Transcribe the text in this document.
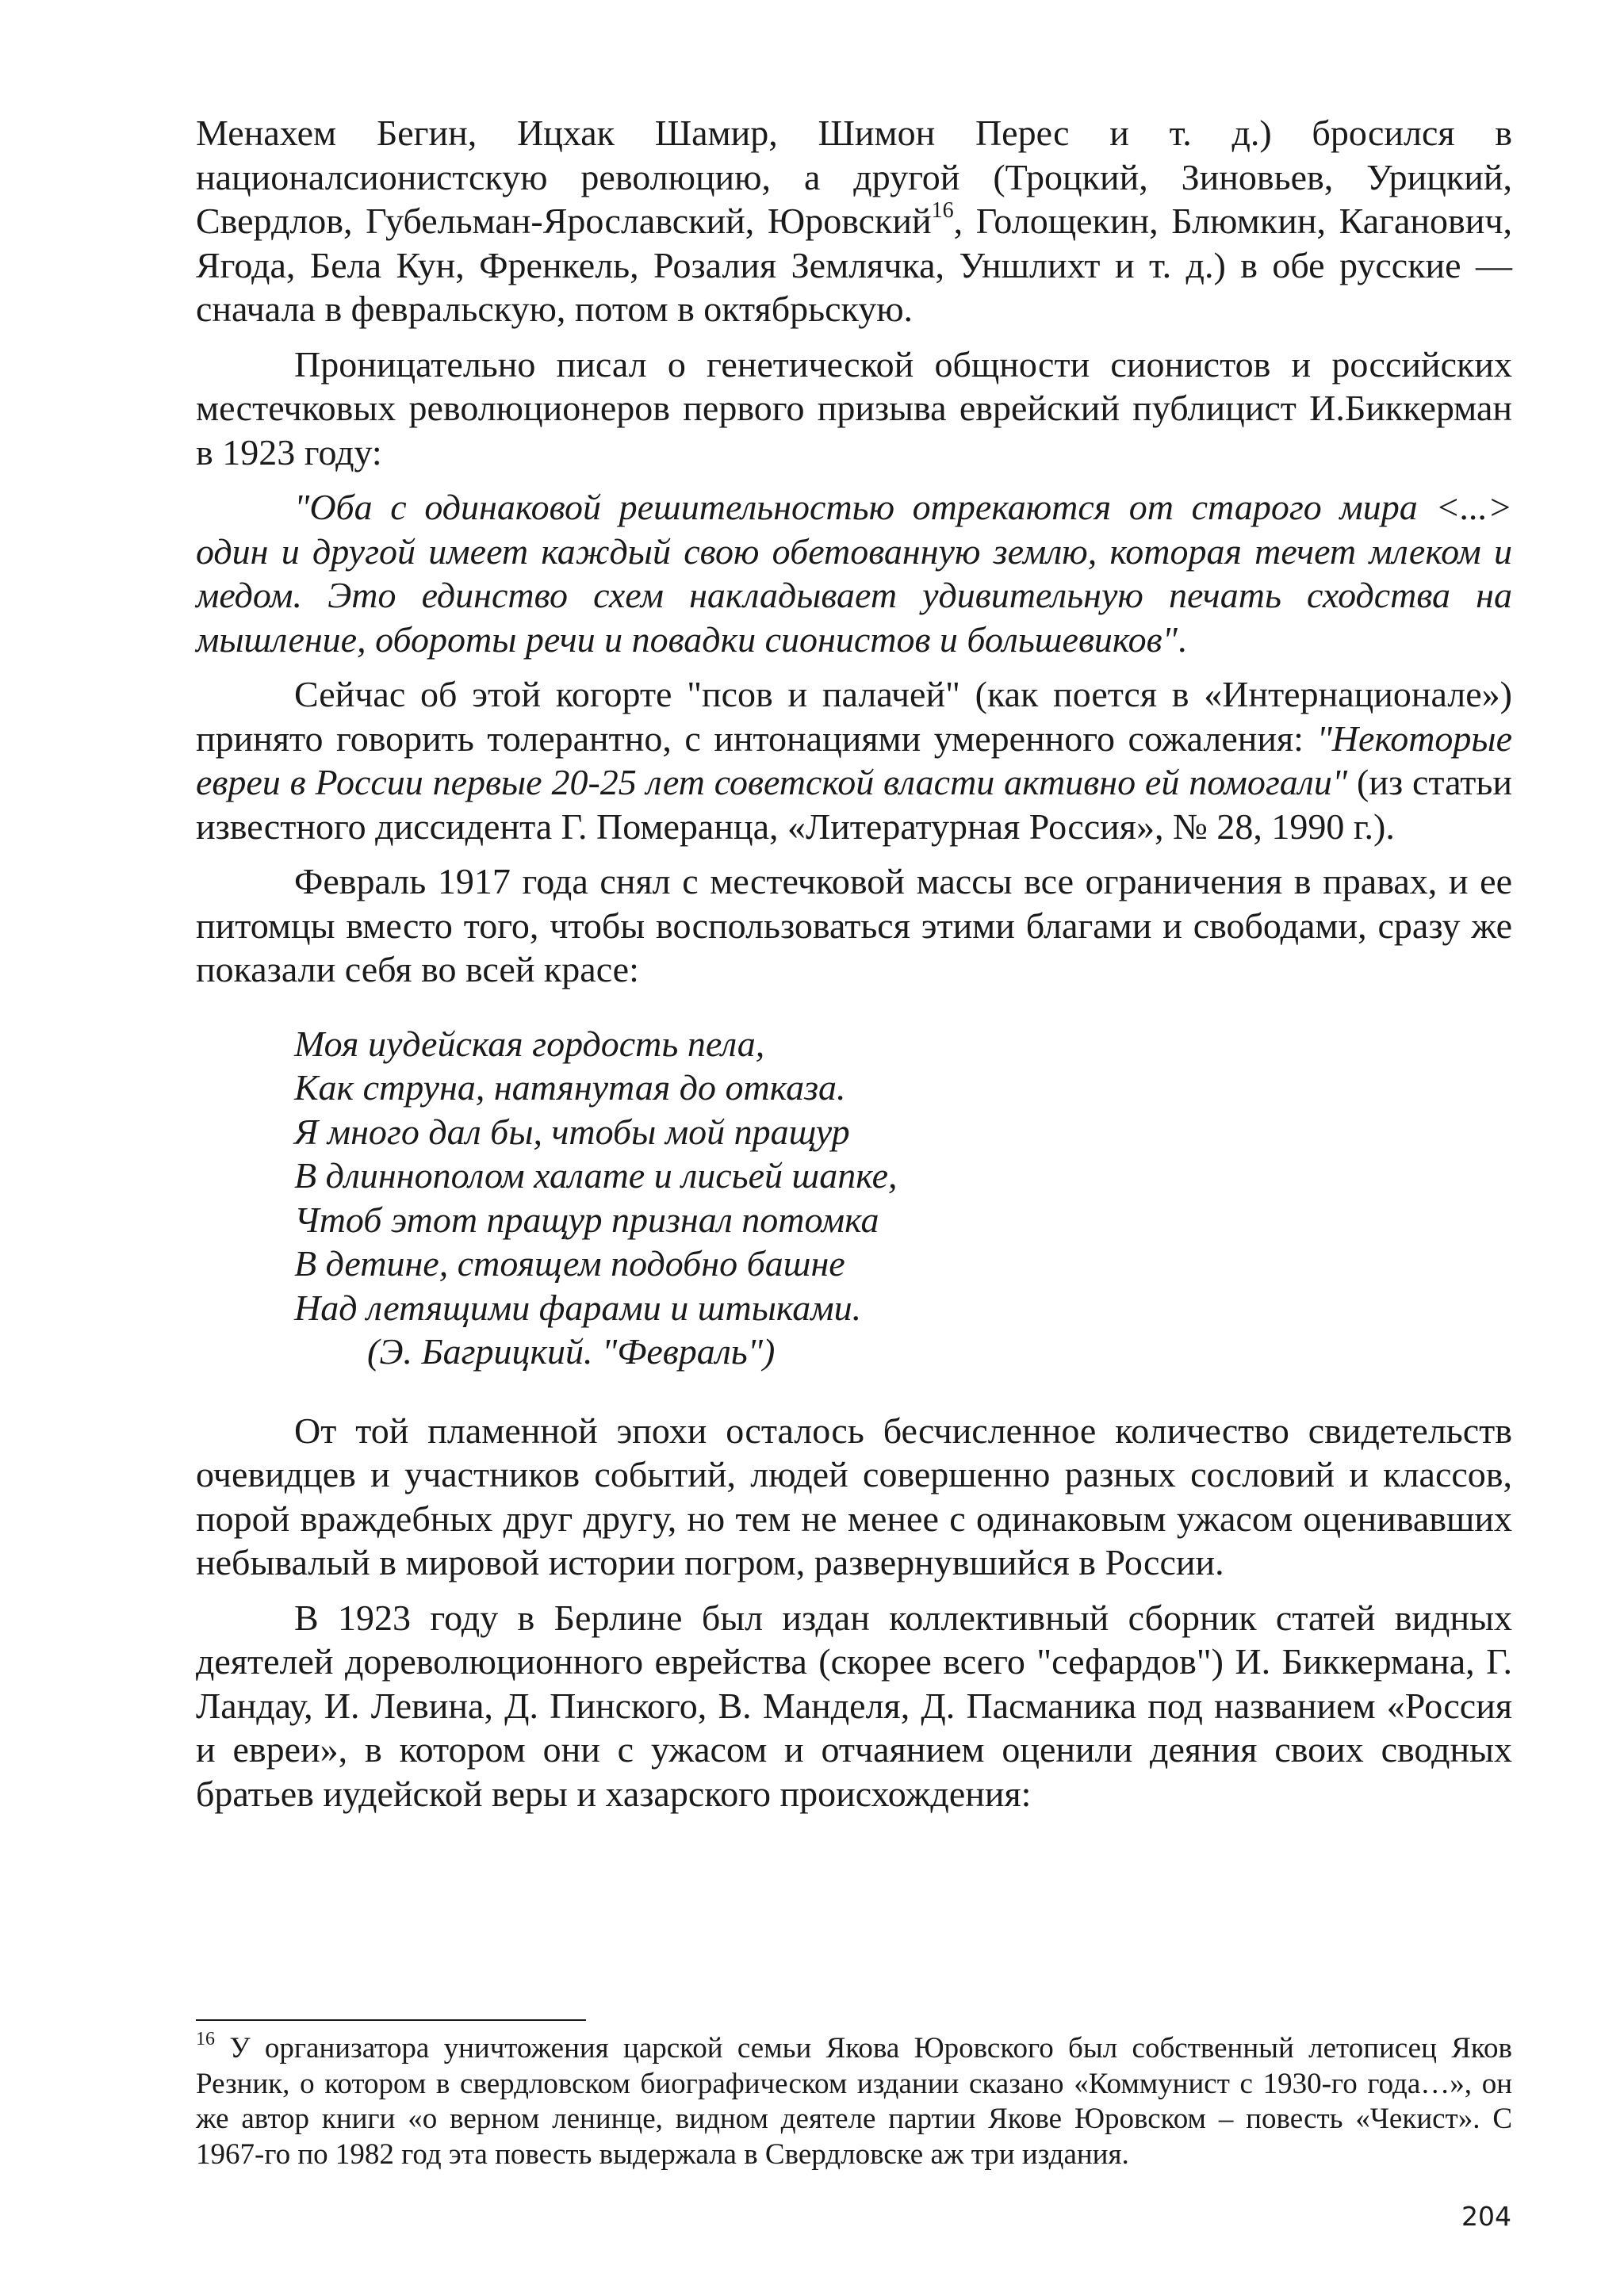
Менахем Бегин, Ицхак Шамир, Шимон Перес и т. д.) бросился в националсионистскую революцию, а другой (Троцкий, Зиновьев, Урицкий, Свердлов, Губельман-Ярославский, Юровский$^{16}$, Голощекин, Блюмкин, Каганович, Ягода, Бела Кун, Френкель, Розалия Землячка, Уншлихт и т. д.) в обе русские — сначала в февральскую, потом в октябрьскую.

Проницательно писал о генетической общности сионистов и российских местечковых революционеров первого призыва еврейский публицист И.Биккерман в 1923 году:

"Оба с одинаковой решительностью отрекаются от старого мира <...> один и другой имеет каждый свою обетованную землю, которая течет млеком и медом. Это единство схем накладывает удивительную печать сходства на мышление, обороты речи и повадки сионистов и большевиков".

Сейчас об этой когорте "псов и палачей" (как поется в «Интернационале») принято говорить толерантно, с интонациями умеренного сожаления: "Некоторые евреи в России первые 20-25 лет советской власти активно ей помогали" (из статьи известного диссидента Г. Померанца, «Литературная Россия», № 28, 1990 г.).

Февраль 1917 года снял с местечковой массы все ограничения в правах, и ее питомцы вместо того, чтобы воспользоваться этими благами и свободами, сразу же показали себя во всей красе:

Моя иудейская гордость пела,
Как струна, натянутая до отказа.
Я много дал бы, чтобы мой пращур
В длиннополом халате и лисьей шапке,
Чтоб этот пращур признал потомка
В детине, стоящем подобно башне
Над летящими фарами и штыками.
(Э. Багрицкий. "Февраль")

От той пламенной эпохи осталось бесчисленное количество свидетельств очевидцев и участников событий, людей совершенно разных сословий и классов, порой враждебных друг другу, но тем не менее с одинаковым ужасом оценивавших небывалый в мировой истории погром, развернувшийся в России.

В 1923 году в Берлине был издан коллективный сборник статей видных деятелей дореволюционного еврейства (скорее всего "сефардов") И. Биккермана, Г. Ландау, И. Левина, Д. Пинского, В. Манделя, Д. Пасманика под названием «Россия и евреи», в котором они с ужасом и отчаянием оценили деяния своих сводных братьев иудейской веры и хазарского происхождения:

$^{16}$ У организатора уничтожения царской семьи Якова Юровского был собственный летописец Яков Резник, о котором в свердловском биографическом издании сказано «Коммунист с 1930-го года…», он же автор книги «о верном ленинце, видном деятеле партии Якове Юровском – повесть «Чекист». С 1967-го по 1982 год эта повесть выдержала в Свердловске аж три издания.

204
